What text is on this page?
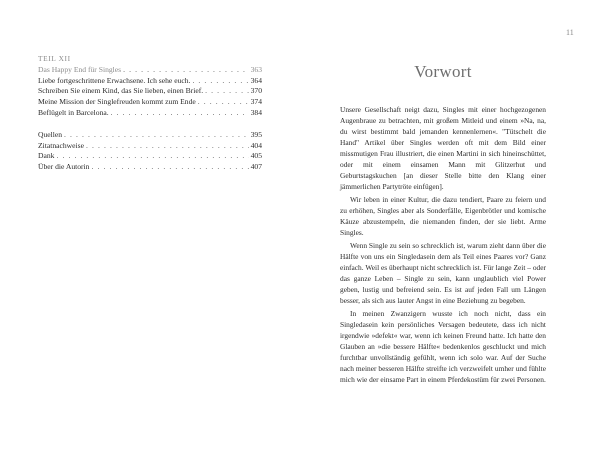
11
TEIL XII
Das Happy End für Singles . . .	363
Liebe fortgeschrittene Erwachsene. Ich sehe euch. . . .	364
Schreiben Sie einem Kind, das Sie lieben, einen Brief. . . .	370
Meine Mission der Singlefreuden kommt zum Ende . . .	374
Beflügelt in Barcelona. . . .	384
Quellen . . .	395
Zitatnachweise . . .	404
Dank . . .	405
Über die Autorin . . .	407
Vorwort

Unsere Gesellschaft neigt dazu, Singles mit einer hochgezogenen Augenbraue zu betrachten, mit großem Mitleid und einem »Na, na, du wirst bestimmt bald jemanden kennenlernen«. "Tütschelt die Hand" Artikel über Singles werden oft mit dem Bild einer missmutigen Frau illustriert, die einen Martini in sich hineinschüttet, oder mit einem einsamen Mann mit Glitzerhut und Geburtstagskuchen [an dieser Stelle bitte den Klang einer jämmerlichen Partytröte einfügen].

Wir leben in einer Kultur, die dazu tendiert, Paare zu feiern und zu erhöhen, Singles aber als Sonderfälle, Eigenbrötler und komische Käuze abzustempeln, die niemanden finden, der sie liebt. Arme Singles.

Wenn Single zu sein so schrecklich ist, warum zieht dann über die Hälfte von uns ein Singledasein dem als Teil eines Paares vor? Ganz einfach. Weil es überhaupt nicht schrecklich ist. Für lange Zeit – oder das ganze Leben – Single zu sein, kann unglaublich viel Power geben, lustig und befreiend sein. Es ist auf jeden Fall um Längen besser, als sich aus lauter Angst in eine Beziehung zu begeben.

In meinen Zwanzigern wusste ich noch nicht, dass ein Singledasein kein persönliches Versagen bedeutete, dass ich nicht irgendwie »defekt« war, wenn ich keinen Freund hatte. Ich hatte den Glauben an »die bessere Hälfte« bedenkenlos geschluckt und mich furchtbar unvollständig gefühlt, wenn ich solo war. Auf der Suche nach meiner besseren Hälfte streifte ich verzweifelt umher und fühlte mich wie der einsame Part in einem Pferdekostüm für zwei Personen.
